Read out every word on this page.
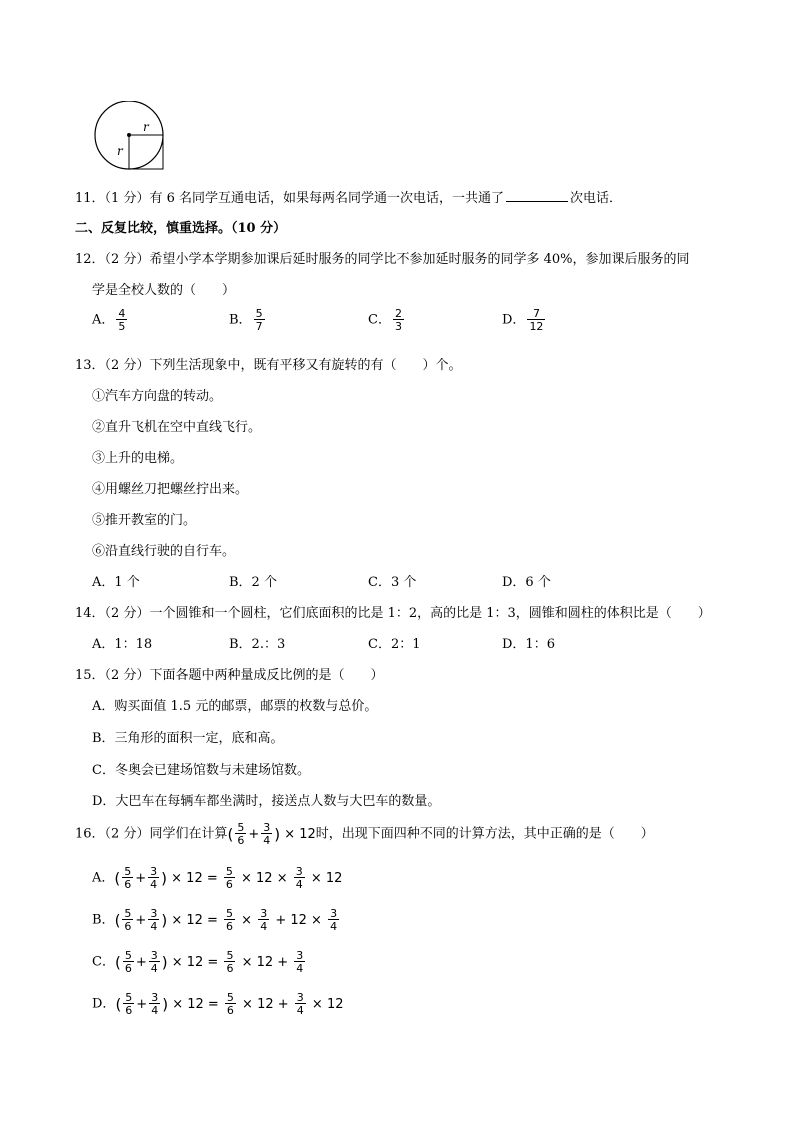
r
r
11．（1 分）有 6 名同学互通电话，如果每两名同学通一次电话，一共通了	次电话．
二、反复比较，慎重选择。（10 分）
12．（2 分）希望小学本学期参加课后延时服务的同学比不参加延时服务的同学多 40%，参加课后服务的同
学是全校人数的（　　）
A． $\frac{4}{5}$	B． $\frac{5}{7}$	C． $\frac{2}{3}$	D． $\frac{7}{12}$
13．（2 分）下列生活现象中，既有平移又有旋转的有（　　）个。
①汽车方向盘的转动。
②直升飞机在空中直线飞行。
③上升的电梯。
④用螺丝刀把螺丝拧出来。
⑤推开教室的门。
⑥沿直线行驶的自行车。
A．1 个	B．2 个	C．3 个	D．6 个
14．（2 分）一个圆锥和一个圆柱，它们底面积的比是 1：2，高的比是 1：3，圆锥和圆柱的体积比是（　　）
A．1：18	B．2.：3	C．2：1	D．1：6
15．（2 分）下面各题中两种量成反比例的是（　　）
A．购买面值 1.5 元的邮票，邮票的枚数与总价。
B．三角形的面积一定，底和高。
C．冬奥会已建场馆数与未建场馆数。
D．大巴车在每辆车都坐满时，接送点人数与大巴车的数量。
16．（2 分）同学们在计算( $\frac{5}{6} + \frac{3}{4}$ ) × 12时，出现下面四种不同的计算方法，其中正确的是（　　）
A．( $\frac{5}{6} + \frac{3}{4}$ ) × $12 = \frac{5}{6} \times 12 \times \frac{3}{4} \times 12$
B．( $\frac{5}{6} + \frac{3}{4}$ ) × $12 = \frac{5}{6} \times \frac{3}{4} + 12 \times \frac{3}{4}$
C．( $\frac{5}{6} + \frac{3}{4}$ ) × $12 = \frac{5}{6} \times 12 + \frac{3}{4}$
D．( $\frac{5}{6} + \frac{3}{4}$ ) × $12 = \frac{5}{6} \times 12 + \frac{3}{4} \times 12$
